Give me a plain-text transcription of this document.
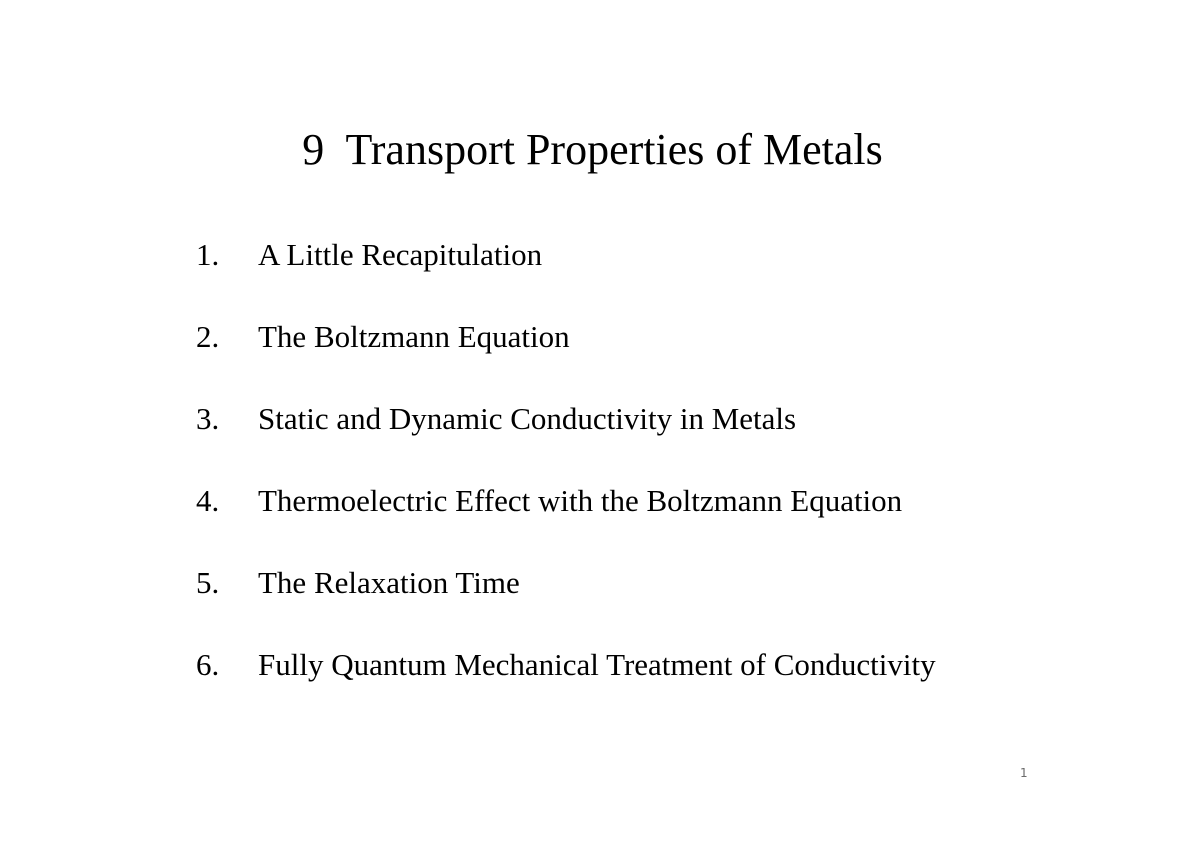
9  Transport Properties of Metals
1.	A Little Recapitulation
2.	The Boltzmann Equation
3.	Static and Dynamic Conductivity in Metals
4.	Thermoelectric Effect with the Boltzmann Equation
5.	The Relaxation Time
6.	Fully Quantum Mechanical Treatment of Conductivity
1
